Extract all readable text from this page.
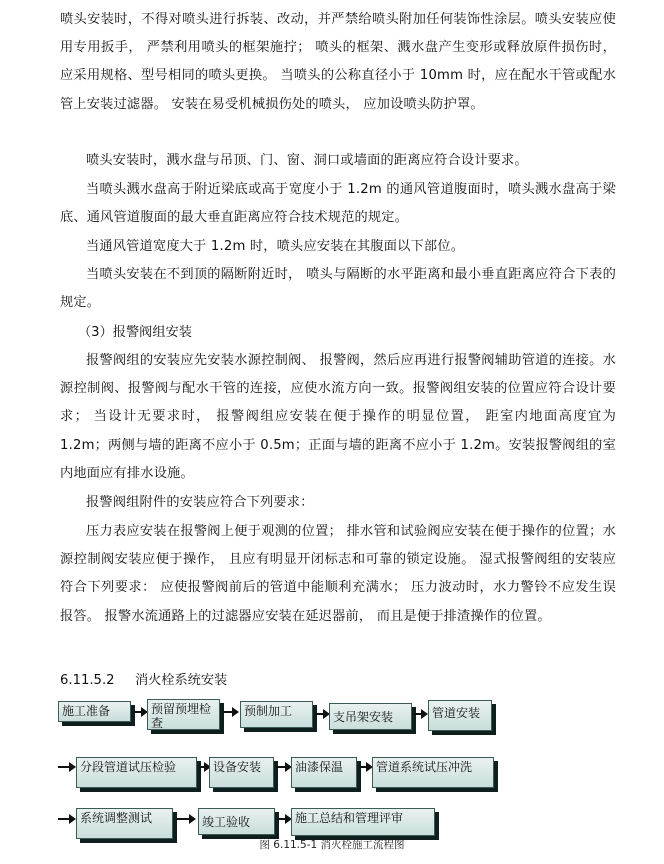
喷头安装时，不得对喷头进行拆装、改动，并严禁给喷头附加任何装饰性涂层。喷头安装应使用专用扳手， 严禁利用喷头的框架施拧； 喷头的框架、溅水盘产生变形或释放原件损伤时，应采用规格、型号相同的喷头更换。 当喷头的公称直径小于 10mm 时，应在配水干管或配水管上安装过滤器。 安装在易受机械损伤处的喷头， 应加设喷头防护罩。

喷头安装时，溅水盘与吊顶、门、窗、洞口或墙面的距离应符合设计要求。

当喷头溅水盘高于附近梁底或高于宽度小于 1.2m 的通风管道腹面时，喷头溅水盘高于梁底、通风管道腹面的最大垂直距离应符合技术规范的规定。

当通风管道宽度大于 1.2m 时，喷头应安装在其腹面以下部位。

当喷头安装在不到顶的隔断附近时， 喷头与隔断的水平距离和最小垂直距离应符合下表的规定。

（3）报警阀组安装

报警阀组的安装应先安装水源控制阀、 报警阀，然后应再进行报警阀辅助管道的连接。水源控制阀、报警阀与配水干管的连接，应使水流方向一致。报警阀组安装的位置应符合设计要求； 当设计无要求时， 报警阀组应安装在便于操作的明显位置， 距室内地面高度宜为 1.2m；两侧与墙的距离不应小于 0.5m；正面与墙的距离不应小于 1.2m。安装报警阀组的室内地面应有排水设施。

报警阀组附件的安装应符合下列要求：

压力表应安装在报警阀上便于观测的位置； 排水管和试验阀应安装在便于操作的位置；水源控制阀安装应便于操作， 且应有明显开闭标志和可靠的锁定设施。 湿式报警阀组的安装应符合下列要求： 应使报警阀前后的管道中能顺利充满水； 压力波动时，水力警铃不应发生误报答。 报警水流通路上的过滤器应安装在延迟器前， 而且是便于排渣操作的位置。

6.11.5.2 消火栓系统安装
施工准备	预留预埋检查
预制加工	支吊架安装	管道安装
分段管道试压检验	设备安装	油漆保温	管道系统试压冲洗
系统调整测试	竣工验收	施工总结和管理评审
图 6.11.5-1 消火栓施工流程图
